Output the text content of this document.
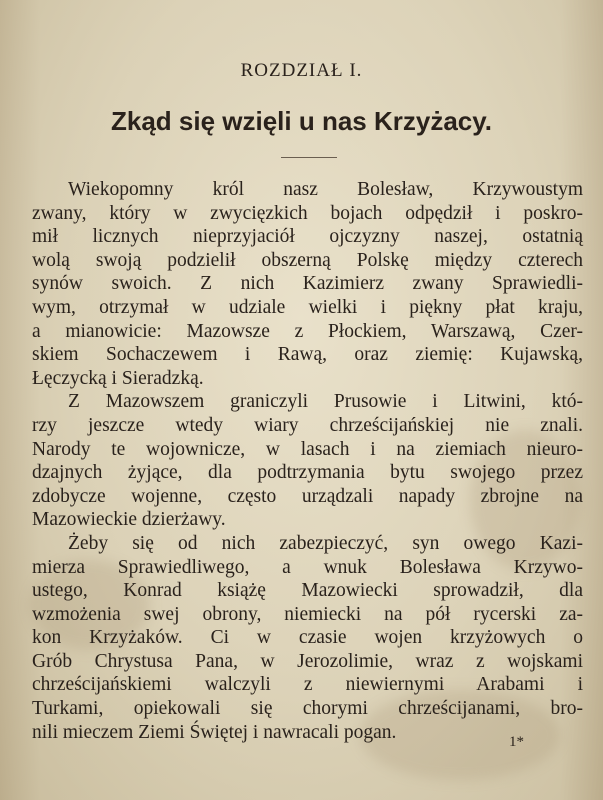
ROZDZIAŁ I.
Zkąd się wzięli u nas Krzyżacy.
Wiekopomny król nasz Bolesław, Krzywoustym
zwany, który w zwycięzkich bojach odpędził i poskro-
mił licznych nieprzyjaciół ojczyzny naszej, ostatnią
wolą swoją podzielił obszerną Polskę między czterech
synów swoich. Z nich Kazimierz zwany Sprawiedli-
wym, otrzymał w udziale wielki i piękny płat kraju,
a mianowicie: Mazowsze z Płockiem, Warszawą, Czer-
skiem Sochaczewem i Rawą, oraz ziemię: Kujawską,
Łęczycką i Sieradzką.
Z Mazowszem graniczyli Prusowie i Litwini, któ-
rzy jeszcze wtedy wiary chrześcijańskiej nie znali.
Narody te wojownicze, w lasach i na ziemiach nieuro-
dzajnych żyjące, dla podtrzymania bytu swojego przez
zdobycze wojenne, często urządzali napady zbrojne na
Mazowieckie dzierżawy.
Żeby się od nich zabezpieczyć, syn owego Kazi-
mierza Sprawiedliwego, a wnuk Bolesława Krzywo-
ustego, Konrad książę Mazowiecki sprowadził, dla
wzmożenia swej obrony, niemiecki na pół rycerski za-
kon Krzyżaków. Ci w czasie wojen krzyżowych o
Grób Chrystusa Pana, w Jerozolimie, wraz z wojskami
chrześcijańskiemi walczyli z niewiernymi Arabami i
Turkami, opiekowali się chorymi chrześcijanami, bro-
nili mieczem Ziemi Świętej i nawracali pogan.	1*
